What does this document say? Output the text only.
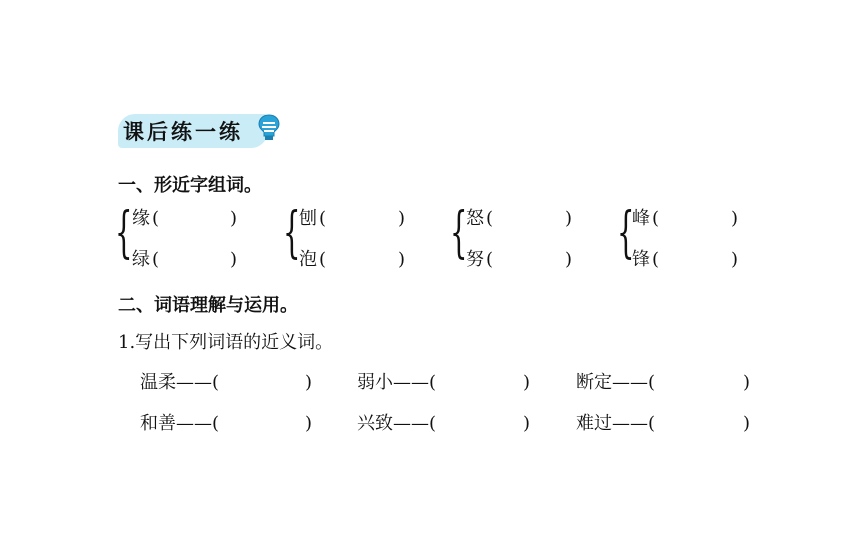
课后练一练
一、形近字组词。
{ 缘 (	)
绿 (	) {
刨 (	)
泡 (	) {
怒 (	)
努 (	) {
峰 (	)
锋 (	)
二、词语理解与运用。
1.写出下列词语的近义词。
温柔 ——(	) 弱小 ——(	)	断定 ——(	)
和善 ——(	) 兴致 ——(	)	难过 ——(	)
